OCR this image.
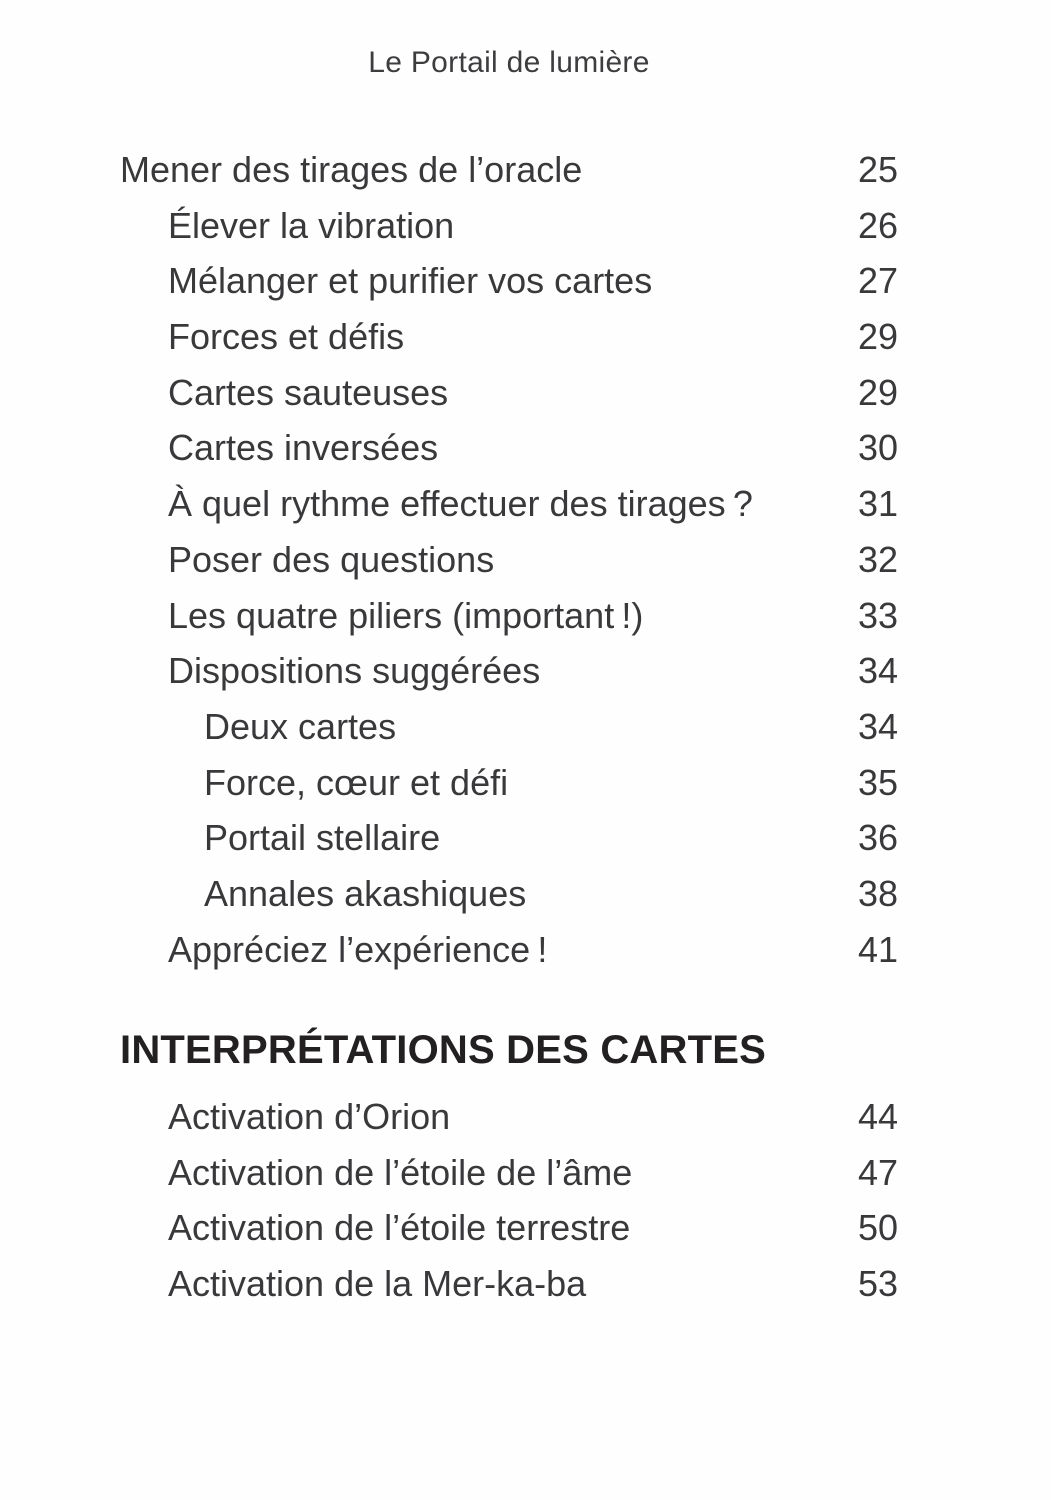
Le Portail de lumière
Mener des tirages de l’oracle	25
Élever la vibration	26
Mélanger et purifier vos cartes	27
Forces et défis	29
Cartes sauteuses	29
Cartes inversées	30
À quel rythme effectuer des tirages ?	31
Poser des questions	32
Les quatre piliers (important !)	33
Dispositions suggérées	34
Deux cartes	34
Force, cœur et défi	35
Portail stellaire	36
Annales akashiques	38
Appréciez l’expérience !	41
INTERPRÉTATIONS DES CARTES
Activation d’Orion	44
Activation de l’étoile de l’âme	47
Activation de l’étoile terrestre	50
Activation de la Mer-ka-ba	53
